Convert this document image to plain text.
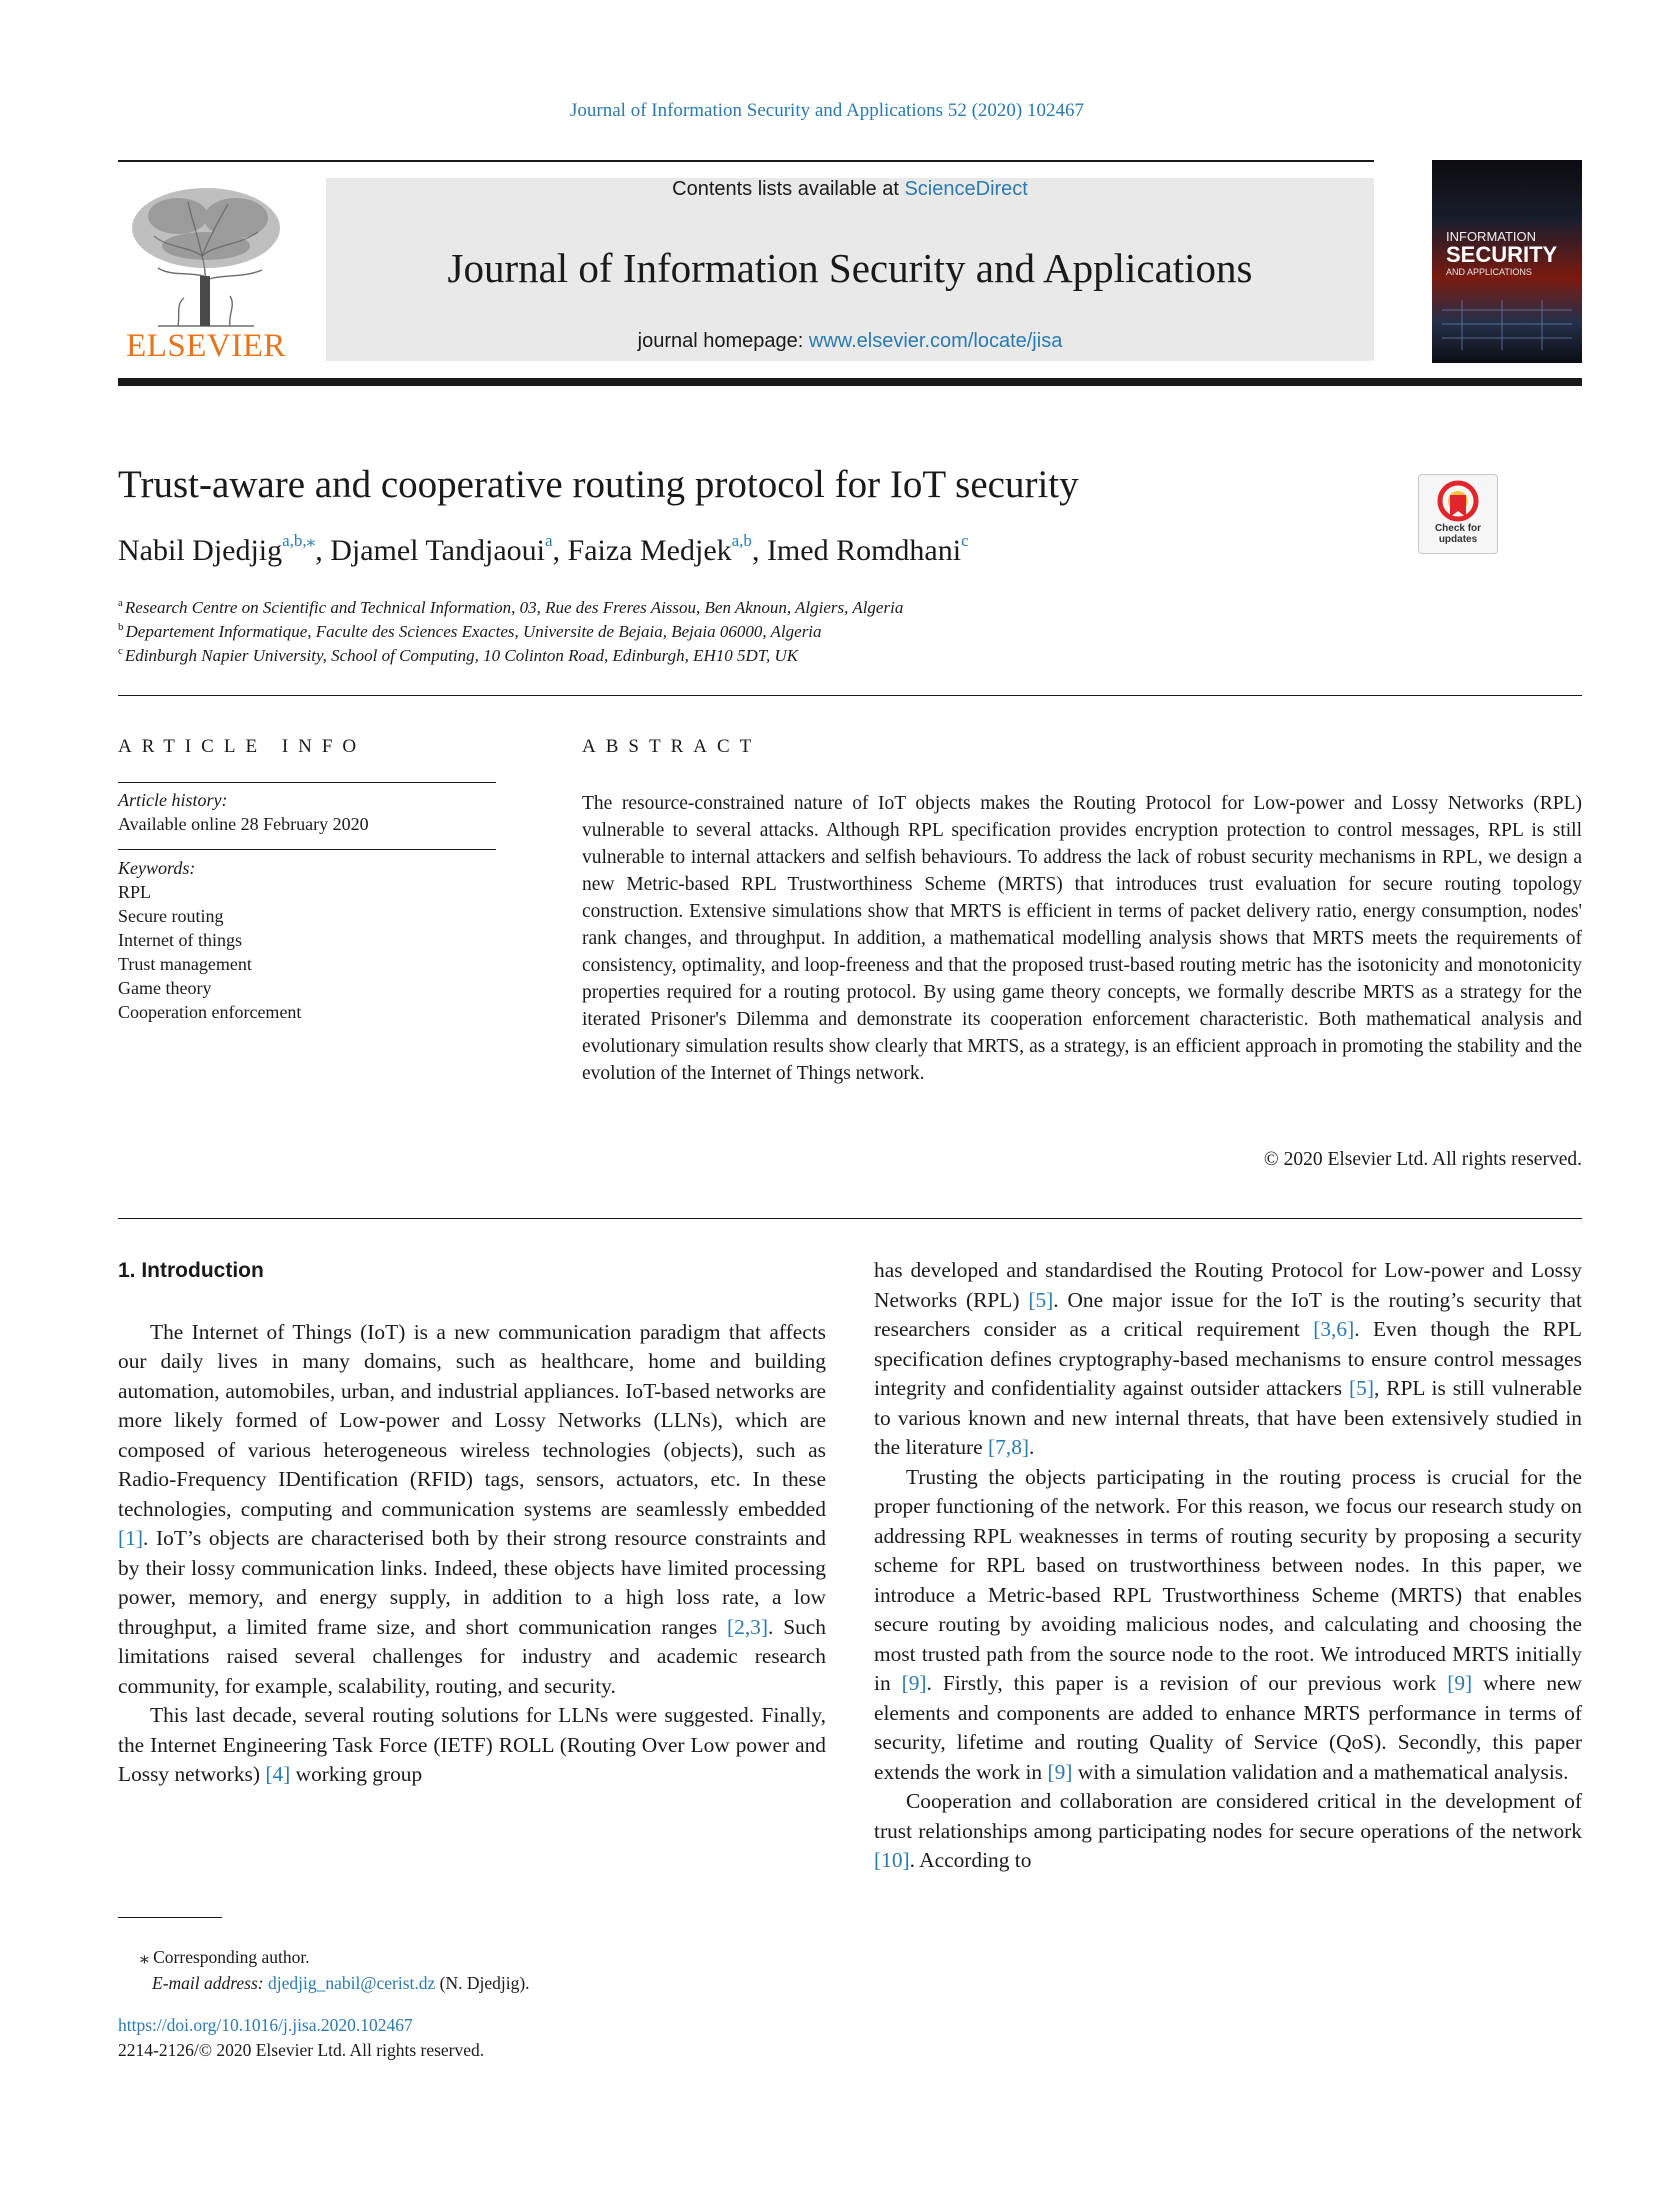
Journal of Information Security and Applications 52 (2020) 102467
ELSEVIER
Contents lists available at ScienceDirect
Journal of Information Security and Applications
journal homepage: www.elsevier.com/locate/jisa
INFORMATION
SECURITY
AND APPLICATIONS
Trust-aware and cooperative routing protocol for IoT security
Check for
updates
Nabil Djedjig$^{a,b,⁎}$, Djamel Tandjaoui$^a$, Faiza Medjek$^{a,b}$, Imed Romdhani$^c$
$^a$ Research Centre on Scientific and Technical Information, 03, Rue des Freres Aissou, Ben Aknoun, Algiers, Algeria
$^b$ Departement Informatique, Faculte des Sciences Exactes, Universite de Bejaia, Bejaia 06000, Algeria
$^c$ Edinburgh Napier University, School of Computing, 10 Colinton Road, Edinburgh, EH10 5DT, UK
ARTICLE INFO
Article history:
Available online 28 February 2020
Keywords:
RPL
Secure routing
Internet of things
Trust management
Game theory
Cooperation enforcement
ABSTRACT
The resource-constrained nature of IoT objects makes the Routing Protocol for Low-power and Lossy Networks (RPL) vulnerable to several attacks. Although RPL specification provides encryption protection to control messages, RPL is still vulnerable to internal attackers and selfish behaviours. To address the lack of robust security mechanisms in RPL, we design a new Metric-based RPL Trustworthiness Scheme (MRTS) that introduces trust evaluation for secure routing topology construction. Extensive simulations show that MRTS is efficient in terms of packet delivery ratio, energy consumption, nodes' rank changes, and throughput. In addition, a mathematical modelling analysis shows that MRTS meets the requirements of consistency, optimality, and loop-freeness and that the proposed trust-based routing metric has the isotonicity and monotonicity properties required for a routing protocol. By using game theory concepts, we formally describe MRTS as a strategy for the iterated Prisoner's Dilemma and demonstrate its cooperation enforcement characteristic. Both mathematical analysis and evolutionary simulation results show clearly that MRTS, as a strategy, is an efficient approach in promoting the stability and the evolution of the Internet of Things network.
© 2020 Elsevier Ltd. All rights reserved.
1. Introduction

The Internet of Things (IoT) is a new communication paradigm that affects our daily lives in many domains, such as healthcare, home and building automation, automobiles, urban, and industrial appliances. IoT-based networks are more likely formed of Low-power and Lossy Networks (LLNs), which are composed of various heterogeneous wireless technologies (objects), such as Radio-Frequency IDentification (RFID) tags, sensors, actuators, etc. In these technologies, computing and communication systems are seamlessly embedded [1]. IoT’s objects are characterised both by their strong resource constraints and by their lossy communication links. Indeed, these objects have limited processing power, memory, and energy supply, in addition to a high loss rate, a low throughput, a limited frame size, and short communication ranges [2,3]. Such limitations raised several challenges for industry and academic research community, for example, scalability, routing, and security.

This last decade, several routing solutions for LLNs were suggested. Finally, the Internet Engineering Task Force (IETF) ROLL (Routing Over Low power and Lossy networks) [4] working group

has developed and standardised the Routing Protocol for Low-power and Lossy Networks (RPL) [5]. One major issue for the IoT is the routing’s security that researchers consider as a critical requirement [3,6]. Even though the RPL specification defines cryptography-based mechanisms to ensure control messages integrity and confidentiality against outsider attackers [5], RPL is still vulnerable to various known and new internal threats, that have been extensively studied in the literature [7,8].

Trusting the objects participating in the routing process is crucial for the proper functioning of the network. For this reason, we focus our research study on addressing RPL weaknesses in terms of routing security by proposing a security scheme for RPL based on trustworthiness between nodes. In this paper, we introduce a Metric-based RPL Trustworthiness Scheme (MRTS) that enables secure routing by avoiding malicious nodes, and calculating and choosing the most trusted path from the source node to the root. We introduced MRTS initially in [9]. Firstly, this paper is a revision of our previous work [9] where new elements and components are added to enhance MRTS performance in terms of security, lifetime and routing Quality of Service (QoS). Secondly, this paper extends the work in [9] with a simulation validation and a mathematical analysis.

Cooperation and collaboration are considered critical in the development of trust relationships among participating nodes for secure operations of the network [10]. According to

⁎ Corresponding author.
E-mail address: djedjig_nabil@cerist.dz (N. Djedjig).
https://doi.org/10.1016/j.jisa.2020.102467
2214-2126/© 2020 Elsevier Ltd. All rights reserved.
